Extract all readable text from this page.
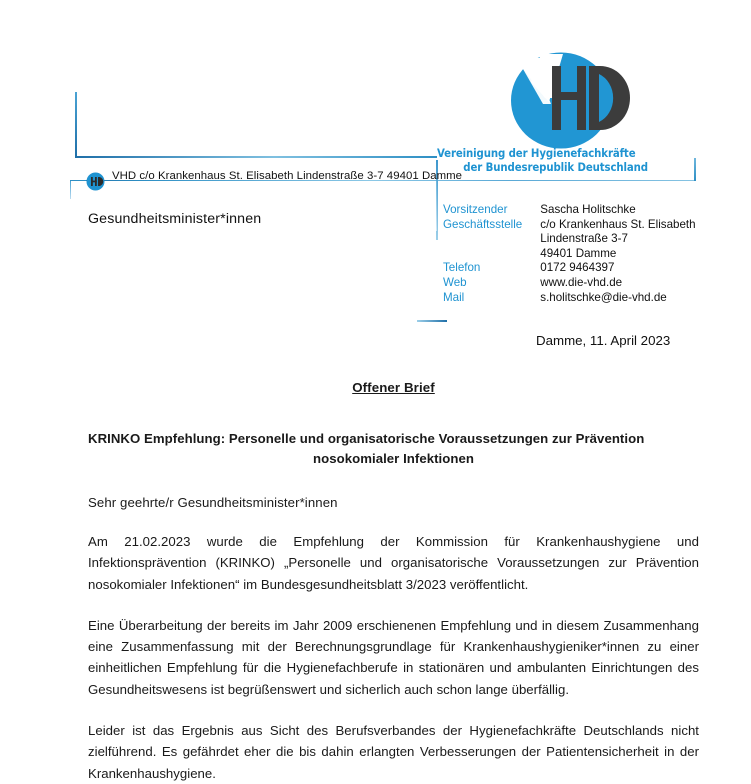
Vereinigung der Hygienefachkräfte
der Bundesrepublik Deutschland
VHD c/o Krankenhaus St. Elisabeth Lindenstraße 3-7 49401 Damme
Gesundheitsminister*innen
Vorsitzender	Sascha Holitschke
Geschäftsstelle	c/o Krankenhaus St. Elisabeth
	Lindenstraße 3-7
	49401 Damme
Telefon	0172 9464397
Web	www.die-vhd.de
Mail	s.holitschke@die-vhd.de
Damme, 11. April 2023
Offener Brief
KRINKO Empfehlung: Personelle und organisatorische Voraussetzungen zur Prävention
nosokomialer Infektionen

Sehr geehrte/r Gesundheitsminister*innen

Am 21.02.2023 wurde die Empfehlung der Kommission für Krankenhaushygiene und Infektionsprävention (KRINKO) „Personelle und organisatorische Voraussetzungen zur Prävention nosokomialer Infektionen“ im Bundesgesundheitsblatt 3/2023 veröffentlicht.

Eine Überarbeitung der bereits im Jahr 2009 erschienenen Empfehlung und in diesem Zusammenhang eine Zusammenfassung mit der Berechnungsgrundlage für Krankenhaushygieniker*innen zu einer einheitlichen Empfehlung für die Hygienefachberufe in stationären und ambulanten Einrichtungen des Gesundheitswesens ist begrüßenswert und sicherlich auch schon lange überfällig.

Leider ist das Ergebnis aus Sicht des Berufsverbandes der Hygienefachkräfte Deutschlands nicht zielführend. Es gefährdet eher die bis dahin erlangten Verbesserungen der Patientensicherheit in der Krankenhaushygiene.
